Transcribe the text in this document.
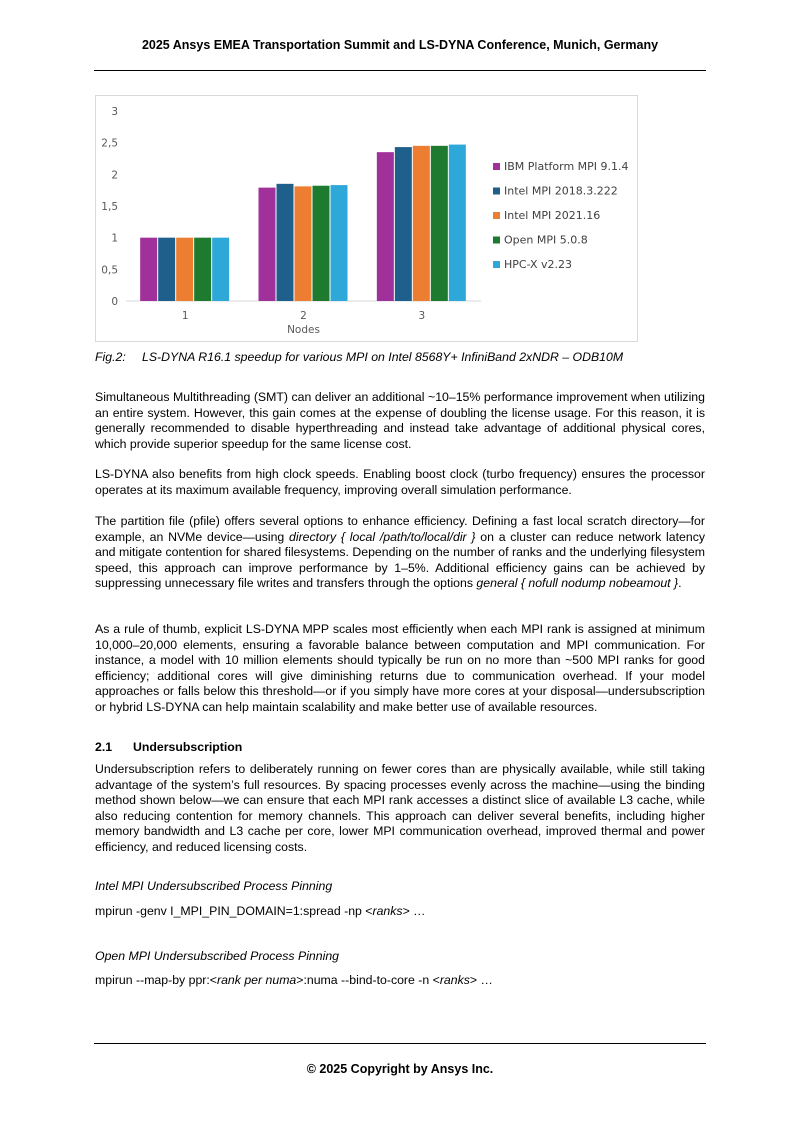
2025 Ansys EMEA Transportation Summit and LS-DYNA Conference, Munich, Germany
0
0,5
1
1,5
2
2,5
3
1	2	3
Nodes
IBM Platform MPI 9.1.4
Intel MPI 2018.3.222
Intel MPI 2021.16
Open MPI 5.0.8
HPC-X v2.23
Fig.2: LS-DYNA R16.1 speedup for various MPI on Intel 8568Y+ InfiniBand 2xNDR – ODB10M

Simultaneous Multithreading (SMT) can deliver an additional ~10–15% performance improvement when utilizing an entire system. However, this gain comes at the expense of doubling the license usage. For this reason, it is generally recommended to disable hyperthreading and instead take advantage of additional physical cores, which provide superior speedup for the same license cost.

LS-DYNA also benefits from high clock speeds. Enabling boost clock (turbo frequency) ensures the processor operates at its maximum available frequency, improving overall simulation performance.

The partition file (pfile) offers several options to enhance efficiency. Defining a fast local scratch directory—for example, an NVMe device—using directory { local /path/to/local/dir } on a cluster can reduce network latency and mitigate contention for shared filesystems. Depending on the number of ranks and the underlying filesystem speed, this approach can improve performance by 1–5%. Additional efficiency gains can be achieved by suppressing unnecessary file writes and transfers through the options general { nofull nodump nobeamout }.

As a rule of thumb, explicit LS-DYNA MPP scales most efficiently when each MPI rank is assigned at minimum 10,000–20,000 elements, ensuring a favorable balance between computation and MPI communication. For instance, a model with 10 million elements should typically be run on no more than ~500 MPI ranks for good efficiency; additional cores will give diminishing returns due to communication overhead. If your model approaches or falls below this threshold—or if you simply have more cores at your disposal—undersubscription or hybrid LS-DYNA can help maintain scalability and make better use of available resources.

2.1 Undersubscription

Undersubscription refers to deliberately running on fewer cores than are physically available, while still taking advantage of the system’s full resources. By spacing processes evenly across the machine—using the binding method shown below—we can ensure that each MPI rank accesses a distinct slice of available L3 cache, while also reducing contention for memory channels. This approach can deliver several benefits, including higher memory bandwidth and L3 cache per core, lower MPI communication overhead, improved thermal and power efficiency, and reduced licensing costs.

Intel MPI Undersubscribed Process Pinning
mpirun -genv I_MPI_PIN_DOMAIN=1:spread -np <ranks> …
Open MPI Undersubscribed Process Pinning
mpirun --map-by ppr:<rank per numa>:numa --bind-to-core -n <ranks> …
© 2025 Copyright by Ansys Inc.
